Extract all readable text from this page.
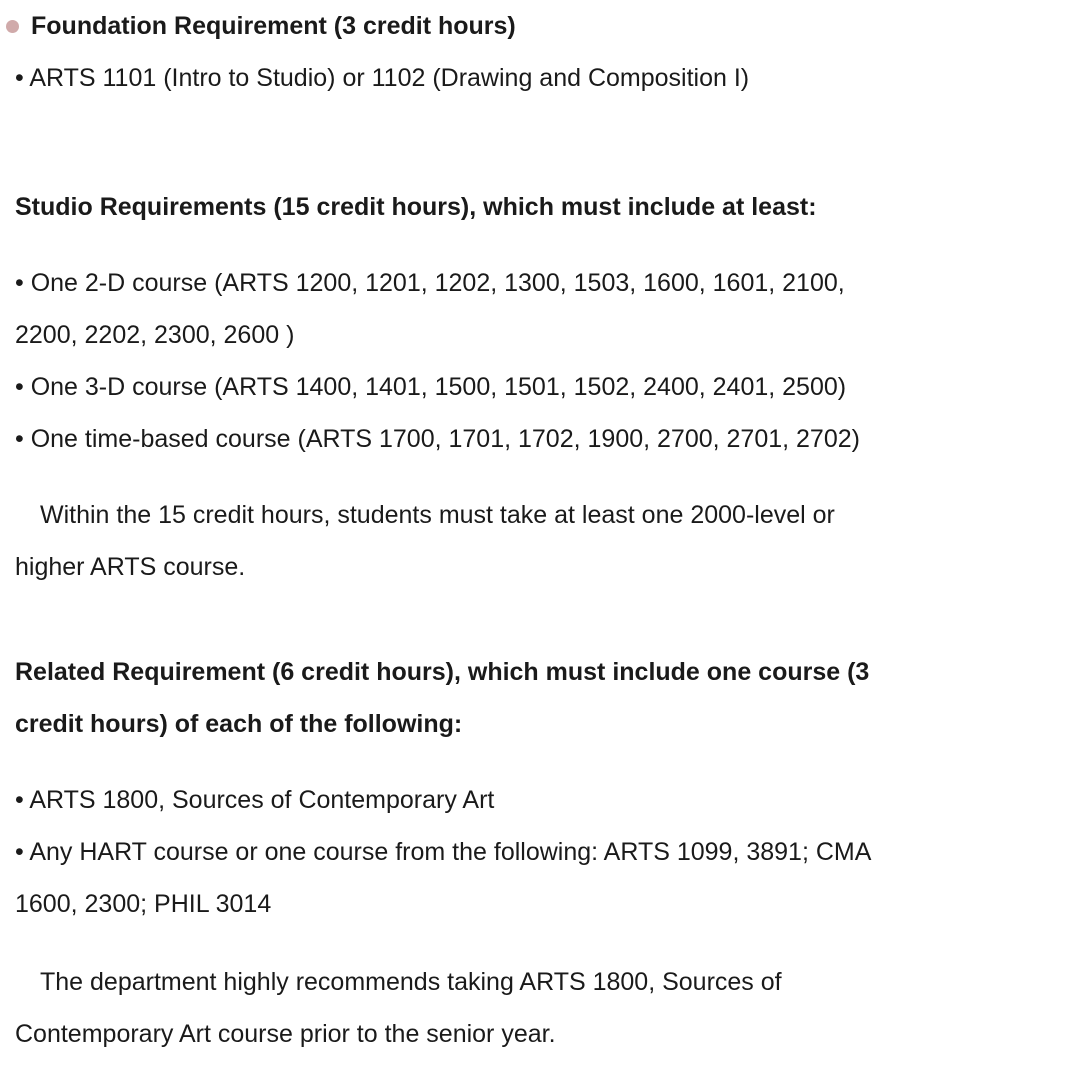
Foundation Requirement (3 credit hours)
• ARTS 1101 (Intro to Studio) or 1102 (Drawing and Composition I)
Studio Requirements (15 credit hours), which must include at least:
• One 2-D course (ARTS 1200, 1201, 1202, 1300, 1503, 1600, 1601, 2100,
2200, 2202, 2300, 2600 )
• One 3-D course (ARTS 1400, 1401, 1500, 1501, 1502, 2400, 2401, 2500)
• One time-based course (ARTS 1700, 1701, 1702, 1900, 2700, 2701, 2702)
Within the 15 credit hours, students must take at least one 2000-level or
higher ARTS course.
Related Requirement (6 credit hours), which must include one course (3
credit hours) of each of the following:
• ARTS 1800, Sources of Contemporary Art
• Any HART course or one course from the following: ARTS 1099, 3891; CMA
1600, 2300; PHIL 3014
The department highly recommends taking ARTS 1800, Sources of
Contemporary Art course prior to the senior year.
